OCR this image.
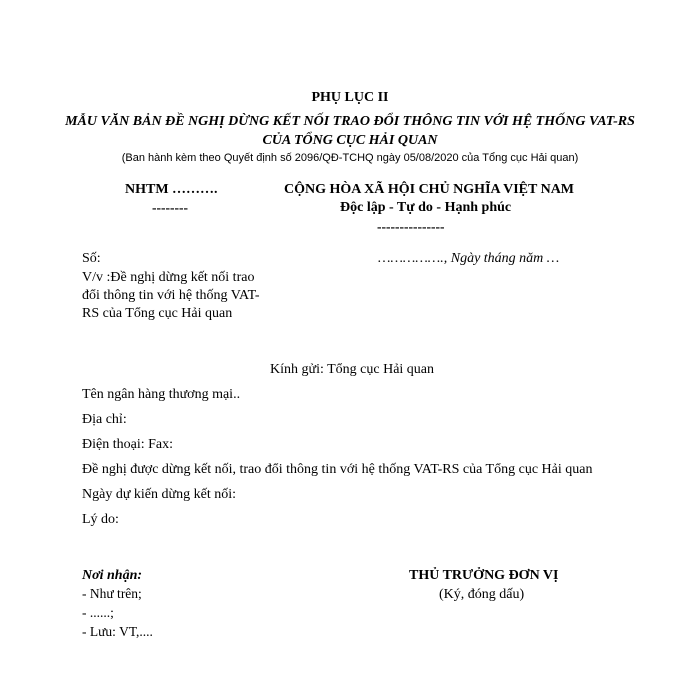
PHỤ LỤC II
MẪU VĂN BẢN ĐỀ NGHỊ DỪNG KẾT NỐI TRAO ĐỔI THÔNG TIN VỚI HỆ THỐNG VAT-RS
CỦA TỔNG CỤC HẢI QUAN
(Ban hành kèm theo Quyết định số 2096/QĐ-TCHQ ngày 05/08/2020 của Tổng cục Hải quan)
NHTM ……….
--------
CỘNG HÒA XÃ HỘI CHỦ NGHĨA VIỆT NAM
Độc lập - Tự do - Hạnh phúc
---------------
Số:	……………., Ngày tháng năm …
V/v :Đề nghị dừng kết nối trao
đổi thông tin với hệ thống VAT-
RS của Tổng cục Hải quan
Kính gửi: Tổng cục Hải quan
Tên ngân hàng thương mại..
Địa chỉ:
Điện thoại: Fax:
Đề nghị được dừng kết nối, trao đổi thông tin với hệ thống VAT-RS của Tổng cục Hải quan
Ngày dự kiến dừng kết nối:
Lý do:
Nơi nhận:
- Như trên;
- ......;
- Lưu: VT,....
THỦ TRƯỞNG ĐƠN VỊ
(Ký, đóng dấu)
